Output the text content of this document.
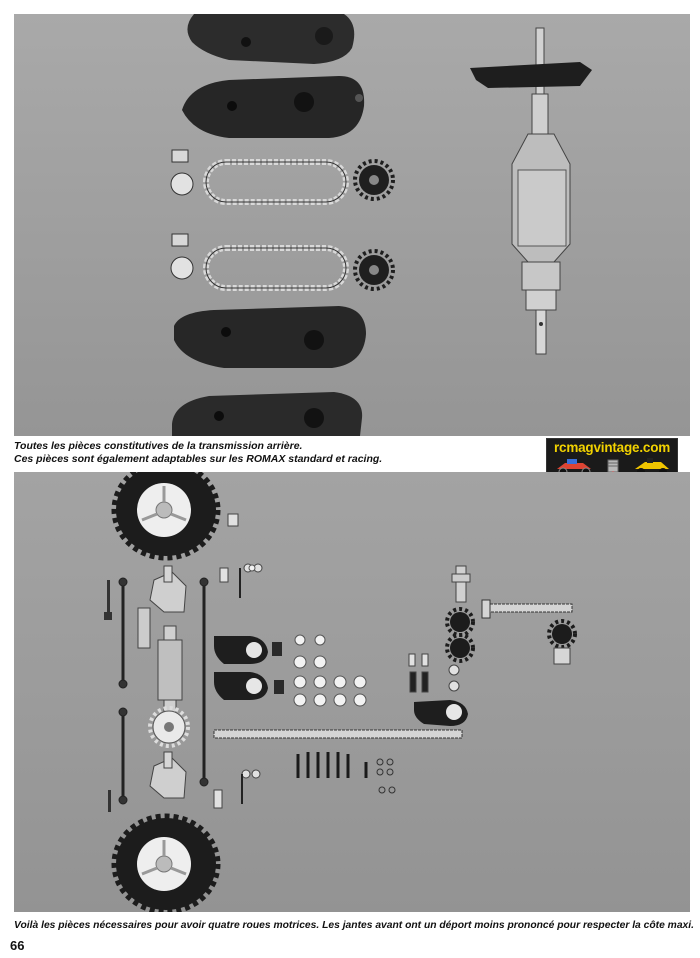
Toutes les pièces constitutives de la transmission arrière.
Ces pièces sont également adaptables sur les ROMAX standard et racing.
rcmagvintage.com
Voilà les pièces nécessaires pour avoir quatre roues motrices. Les jantes avant ont un déport moins prononcé pour respecter la côte maxi.
66
